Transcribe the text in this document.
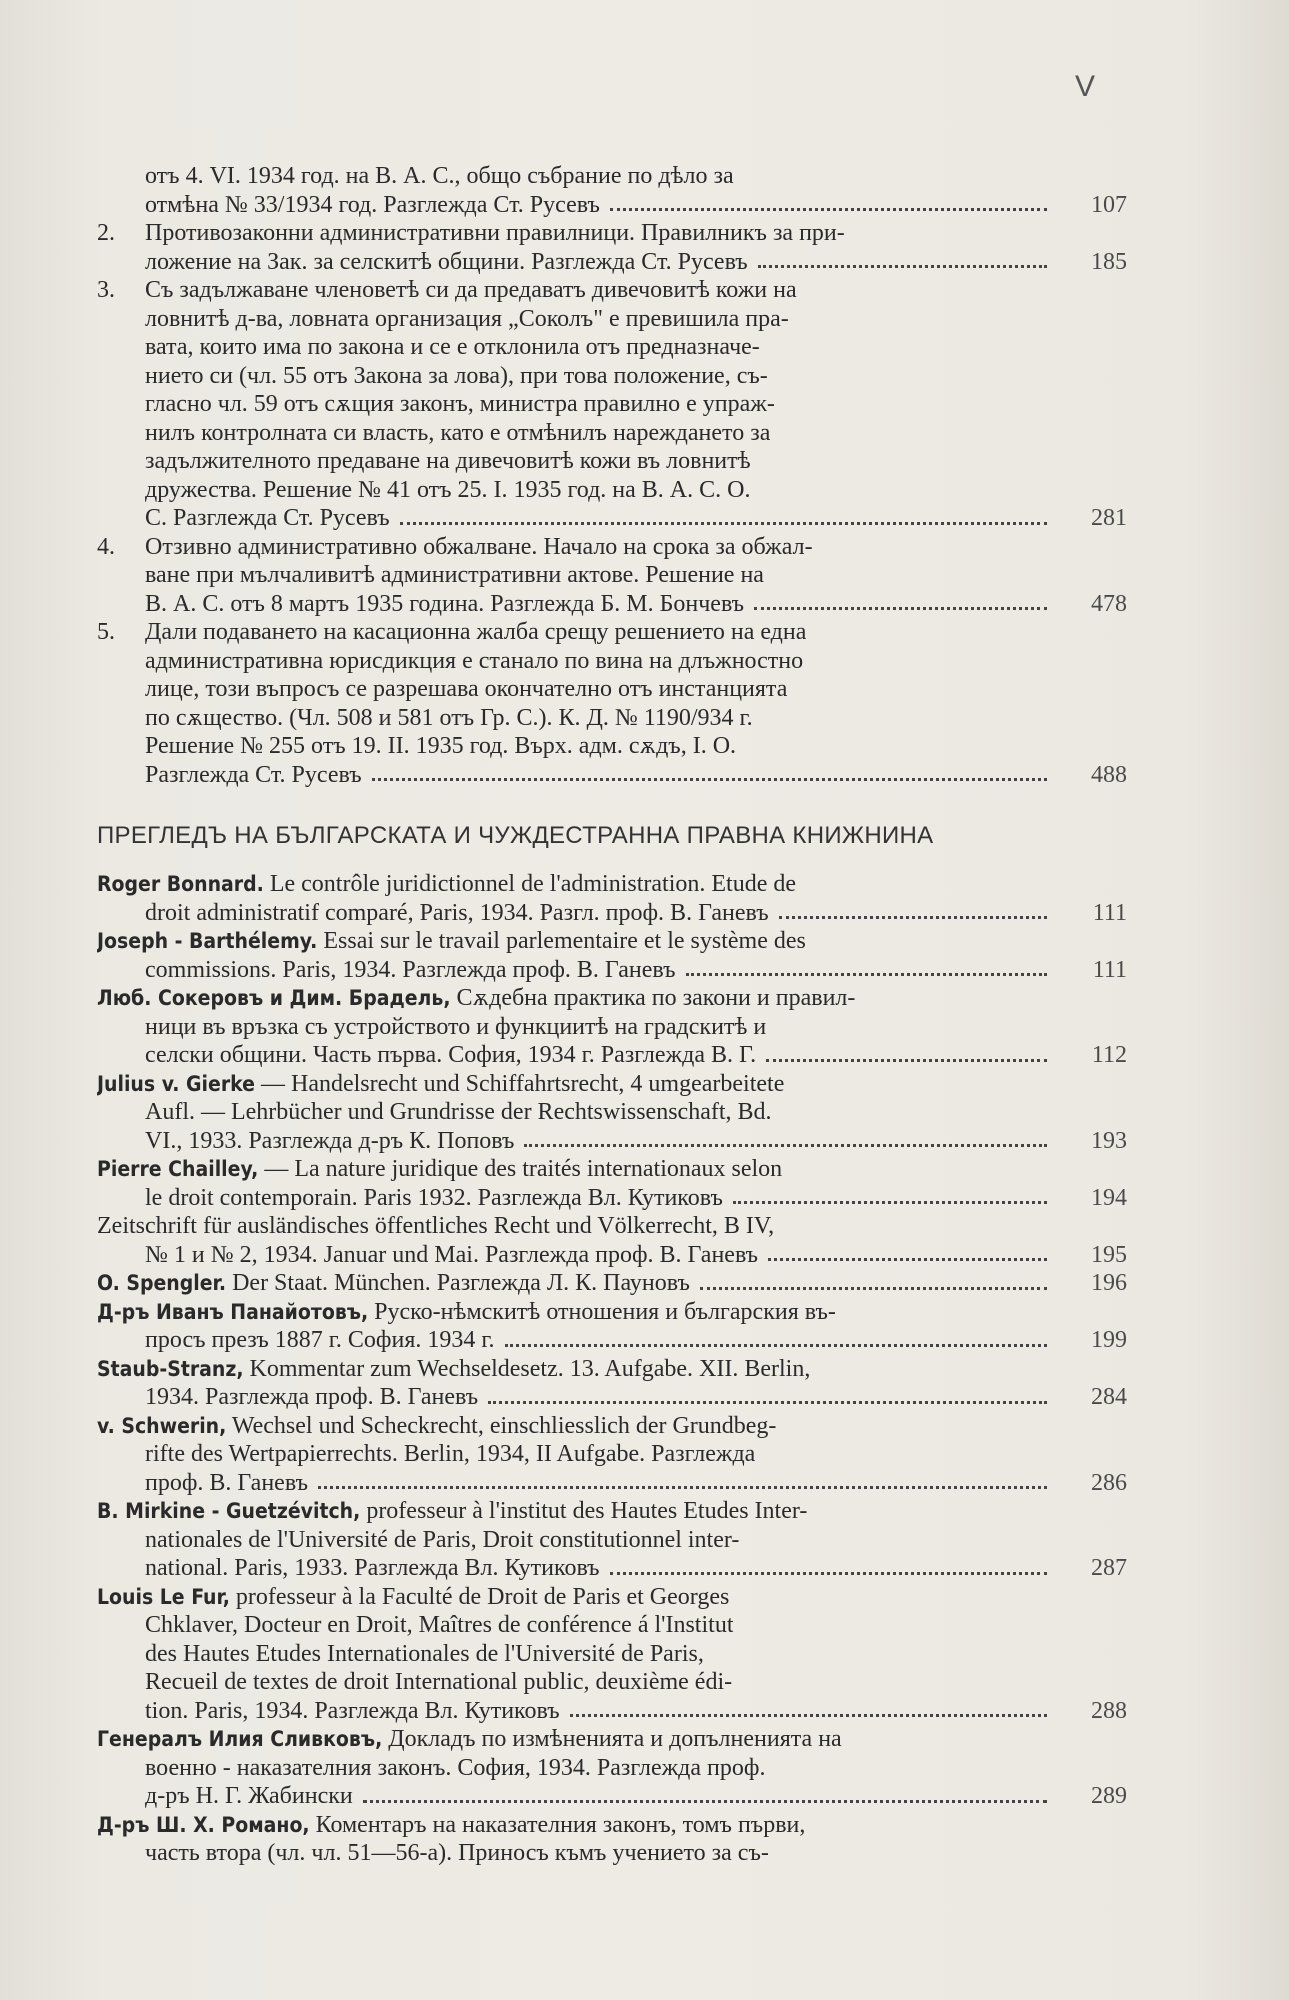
V
отъ 4. VI. 1934 год. на В. А. С., общо събрание по дѣло за
отмѣна № 33/1934 год. Разглежда Ст. Русевъ	107
2.	Противозаконни административни правилници. Правилникъ за при-
ложение на Зак. за селскитѣ общини. Разглежда Ст. Русевъ	185
3.	Съ задължаване членоветѣ си да предаватъ дивечовитѣ кожи на
ловнитѣ д-ва, ловната организация „Соколъ" е превишила пра-
вата, които има по закона и се е отклонила отъ предназначе-
нието си (чл. 55 отъ Закона за лова), при това положение, съ-
гласно чл. 59 отъ сѫщия законъ, министра правилно е упраж-
нилъ контролната си власть, като е отмѣнилъ нареждането за
задължителното предаване на дивечовитѣ кожи въ ловнитѣ
дружества. Решение № 41 отъ 25. I. 1935 год. на В. А. С. О.
С. Разглежда Ст. Русевъ	281
4.	Отзивно административно обжалване. Начало на срока за обжал-
ване при мълчаливитѣ административни актове. Решение на
В. А. С. отъ 8 мартъ 1935 година. Разглежда Б. М. Бончевъ	478
5.	Дали подаването на касационна жалба срещу решението на една
административна юрисдикция е станало по вина на длъжностно
лице, този въпросъ се разрешава окончателно отъ инстанцията
по сѫщество. (Чл. 508 и 581 отъ Гр. С.). К. Д. № 1190/934 г.
Решение № 255 отъ 19. II. 1935 год. Върх. адм. сѫдъ, I. О.
Разглежда Ст. Русевъ	488
ПРЕГЛЕДЪ НА БЪЛГАРСКАТА И ЧУЖДЕСТРАННА ПРАВНА КНИЖНИНА
Roger Bonnard. Le contrôle juridictionnel de l'administration. Etude de
droit administratif comparé, Paris, 1934. Разгл. проф. В. Ганевъ	111
Joseph - Barthélemy. Essai sur le travail parlementaire et le système des
commissions. Paris, 1934. Разглежда проф. В. Ганевъ	111
Люб. Сокеровъ и Дим. Брадель, Сѫдебна практика по закони и правил-
ници въ връзка съ устройството и функциитѣ на градскитѣ и
селски общини. Часть първа. София, 1934 г. Разглежда В. Г.	112
Julius v. Gierke — Handelsrecht und Schiffahrtsrecht, 4 umgearbeitete
Aufl. — Lehrbücher und Grundrisse der Rechtswissenschaft, Bd.
VI., 1933. Разглежда д-ръ К. Поповъ	193
Pierre Chailley, — La nature juridique des traités internationaux selon
le droit contemporain. Paris 1932. Разглежда Вл. Кутиковъ	194
Zeitschrift für ausländisches öffentliches Recht und Völkerrecht, B IV,
№ 1 и № 2, 1934. Januar und Mai. Разглежда проф. В. Ганевъ	195
O. Spengler. Der Staat. München. Разглежда Л. К. Пауновъ	196
Д-ръ Иванъ Панайотовъ, Руско-нѣмскитѣ отношения и българския въ-
просъ презъ 1887 г. София. 1934 г.	199
Staub-Stranz, Kommentar zum Wechseldesetz. 13. Aufgabe. XII. Berlin,
1934. Разглежда проф. В. Ганевъ	284
v. Schwerin, Wechsel und Scheckrecht, einschliesslich der Grundbeg-
rifte des Wertpapierrechts. Berlin, 1934, II Aufgabe. Разглежда
проф. В. Ганевъ	286
B. Mirkine - Guetzévitch, professeur à l'institut des Hautes Etudes Inter-
nationales de l'Université de Paris, Droit constitutionnel inter-
national. Paris, 1933. Разглежда Вл. Кутиковъ	287
Louis Le Fur, professeur à la Faculté de Droit de Paris et Georges
Chklaver, Docteur en Droit, Maîtres de conférence á l'Institut
des Hautes Etudes Internationales de l'Université de Paris,
Recueil de textes de droit International public, deuxième édi-
tion. Paris, 1934. Разглежда Вл. Кутиковъ	288
Генералъ Илия Сливковъ, Докладъ по измѣненията и допълненията на
военно - наказателния законъ. София, 1934. Разглежда проф.
д-ръ Н. Г. Жабински	289
Д-ръ Ш. Х. Романо, Коментаръ на наказателния законъ, томъ първи,
часть втора (чл. чл. 51—56-а). Приносъ къмъ учението за съ-
